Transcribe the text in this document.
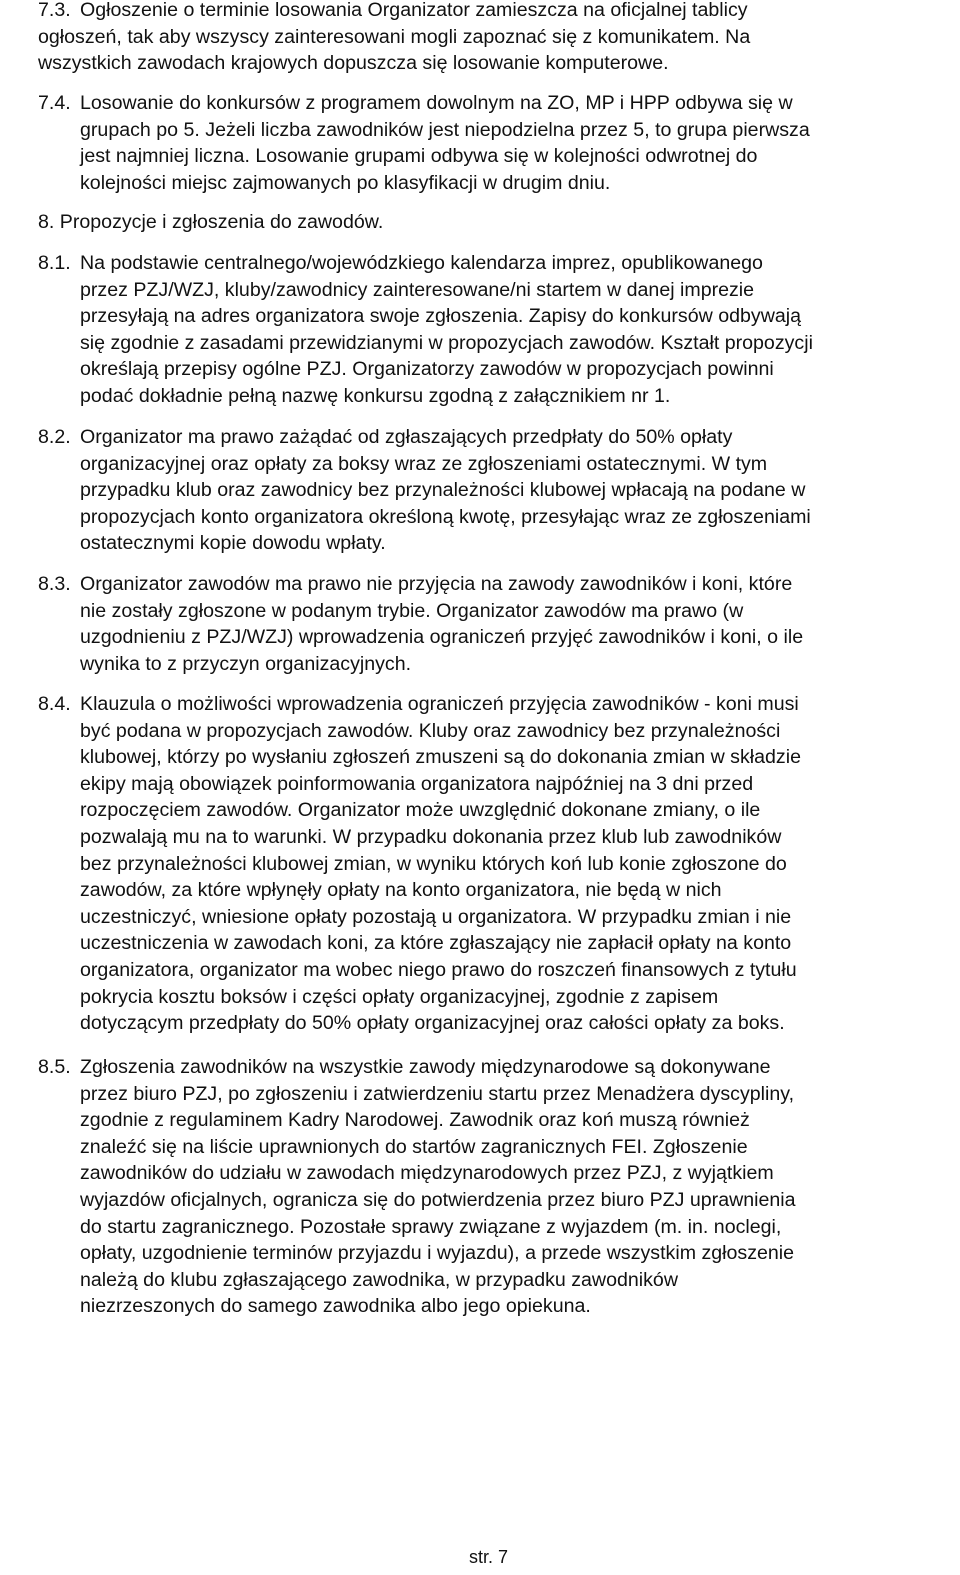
7.3. Ogłoszenie o terminie losowania Organizator zamieszcza na oficjalnej tablicy
ogłoszeń, tak aby wszyscy zainteresowani mogli zapoznać się z komunikatem. Na
wszystkich zawodach krajowych dopuszcza się losowanie komputerowe.
7.4. Losowanie do konkursów z programem dowolnym na ZO, MP i HPP odbywa się w
grupach po 5. Jeżeli liczba zawodników jest niepodzielna przez 5, to grupa pierwsza
jest najmniej liczna. Losowanie grupami odbywa się w kolejności odwrotnej do
kolejności miejsc zajmowanych po klasyfikacji w drugim dniu.
8. Propozycje i zgłoszenia do zawodów.
8.1. Na podstawie centralnego/wojewódzkiego kalendarza imprez, opublikowanego
przez PZJ/WZJ, kluby/zawodnicy zainteresowane/ni startem w danej imprezie
przesyłają na adres organizatora swoje zgłoszenia. Zapisy do konkursów odbywają
się zgodnie z zasadami przewidzianymi w propozycjach zawodów. Kształt propozycji
określają przepisy ogólne PZJ. Organizatorzy zawodów w propozycjach powinni
podać dokładnie pełną nazwę konkursu zgodną z załącznikiem nr 1.
8.2. Organizator ma prawo zażądać od zgłaszających przedpłaty do 50% opłaty
organizacyjnej oraz opłaty za boksy wraz ze zgłoszeniami ostatecznymi. W tym
przypadku klub oraz zawodnicy bez przynależności klubowej wpłacają na podane w
propozycjach konto organizatora określoną kwotę, przesyłając wraz ze zgłoszeniami
ostatecznymi kopie dowodu wpłaty.
8.3. Organizator zawodów ma prawo nie przyjęcia na zawody zawodników i koni, które
nie zostały zgłoszone w podanym trybie. Organizator zawodów ma prawo (w
uzgodnieniu z PZJ/WZJ) wprowadzenia ograniczeń przyjęć zawodników i koni, o ile
wynika to z przyczyn organizacyjnych.
8.4. Klauzula o możliwości wprowadzenia ograniczeń przyjęcia zawodników - koni musi
być podana w propozycjach zawodów. Kluby oraz zawodnicy bez przynależności
klubowej, którzy po wysłaniu zgłoszeń zmuszeni są do dokonania zmian w składzie
ekipy mają obowiązek poinformowania organizatora najpóźniej na 3 dni przed
rozpoczęciem zawodów. Organizator może uwzględnić dokonane zmiany, o ile
pozwalają mu na to warunki. W przypadku dokonania przez klub lub zawodników
bez przynależności klubowej zmian, w wyniku których koń lub konie zgłoszone do
zawodów, za które wpłynęły opłaty na konto organizatora, nie będą w nich
uczestniczyć, wniesione opłaty pozostają u organizatora. W przypadku zmian i nie
uczestniczenia w zawodach koni, za które zgłaszający nie zapłacił opłaty na konto
organizatora, organizator ma wobec niego prawo do roszczeń finansowych z tytułu
pokrycia kosztu boksów i części opłaty organizacyjnej, zgodnie z zapisem
dotyczącym przedpłaty do 50% opłaty organizacyjnej oraz całości opłaty za boks.
8.5. Zgłoszenia zawodników na wszystkie zawody międzynarodowe są dokonywane
przez biuro PZJ, po zgłoszeniu i zatwierdzeniu startu przez Menadżera dyscypliny,
zgodnie z regulaminem Kadry Narodowej. Zawodnik oraz koń muszą również
znaleźć się na liście uprawnionych do startów zagranicznych FEI. Zgłoszenie
zawodników do udziału w zawodach międzynarodowych przez PZJ, z wyjątkiem
wyjazdów oficjalnych, ogranicza się do potwierdzenia przez biuro PZJ uprawnienia
do startu zagranicznego. Pozostałe sprawy związane z wyjazdem (m. in. noclegi,
opłaty, uzgodnienie terminów przyjazdu i wyjazdu), a przede wszystkim zgłoszenie
należą do klubu zgłaszającego zawodnika, w przypadku zawodników
niezrzeszonych do samego zawodnika albo jego opiekuna.
str. 7
